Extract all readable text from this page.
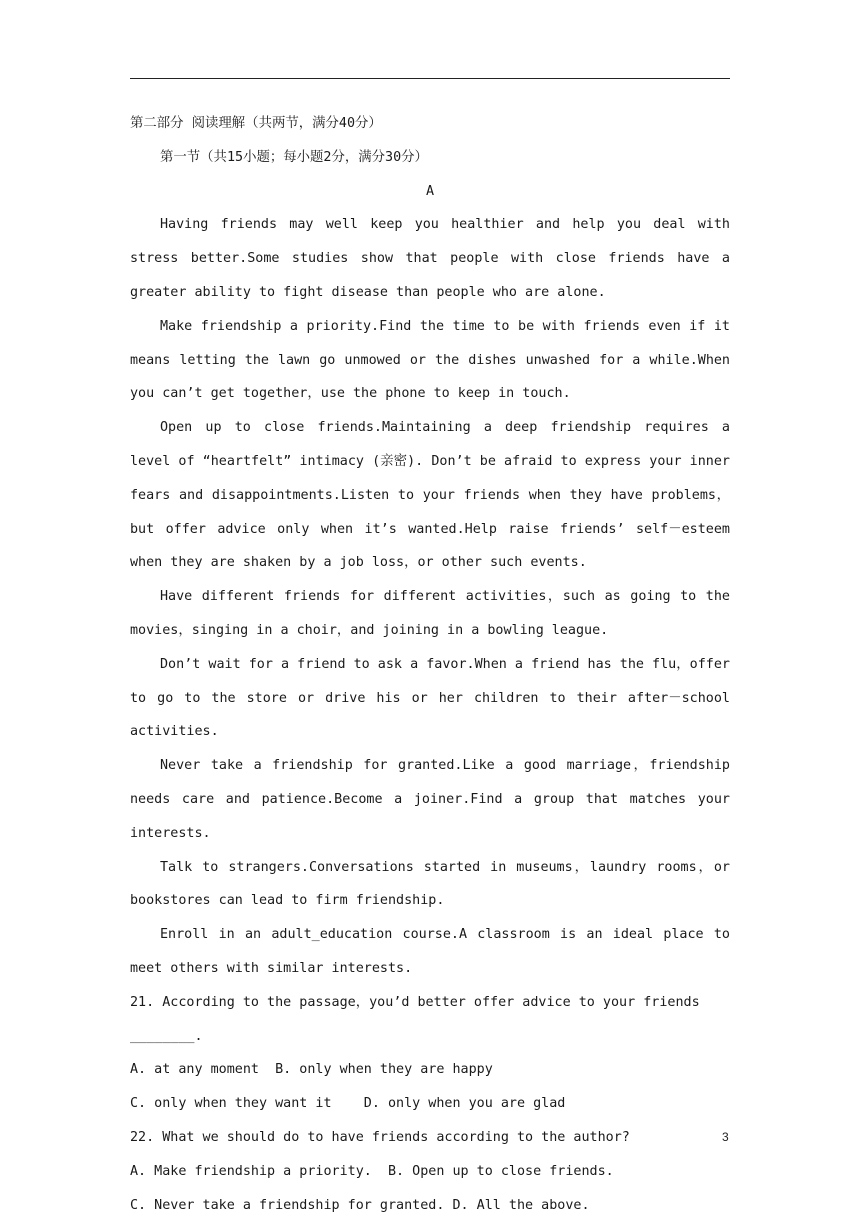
第二部分 阅读理解（共两节，满分40分）

第一节（共15小题；每小题2分，满分30分）

A

Having friends may well keep you healthier and help you deal with stress better.Some studies show that people with close friends have a greater ability to fight disease than people who are alone.

Make friendship a priority.Find the time to be with friends even if it means letting the lawn go unmowed or the dishes unwashed for a while.When you can’t get together，use the phone to keep in touch.

Open up to close friends.Maintaining a deep friendship requires a level of “heartfelt” intimacy (亲密). Don’t be afraid to express your inner fears and disappointments.Listen to your friends when they have problems，but offer advice only when it’s wanted.Help raise friends’ self－esteem when they are shaken by a job loss，or other such events.

Have different friends for different activities，such as going to the movies，singing in a choir，and joining in a bowling league.

Don’t wait for a friend to ask a favor.When a friend has the flu，offer to go to the store or drive his or her children to their after－school activities.

Never take a friendship for granted.Like a good marriage，friendship needs care and patience.Become a joiner.Find a group that matches your interests.

Talk to strangers.Conversations started in museums，laundry rooms，or bookstores can lead to firm friendship.

Enroll in an adult_education course.A classroom is an ideal place to meet others with similar interests.

21. According to the passage，you’d better offer advice to your friends ________.

A. at any moment  B. only when they are happy

C. only when they want it    D. only when you are glad

22. What we should do to have friends according to the author?

A. Make friendship a priority.  B. Open up to close friends.

C. Never take a friendship for granted. D. All the above.

3
